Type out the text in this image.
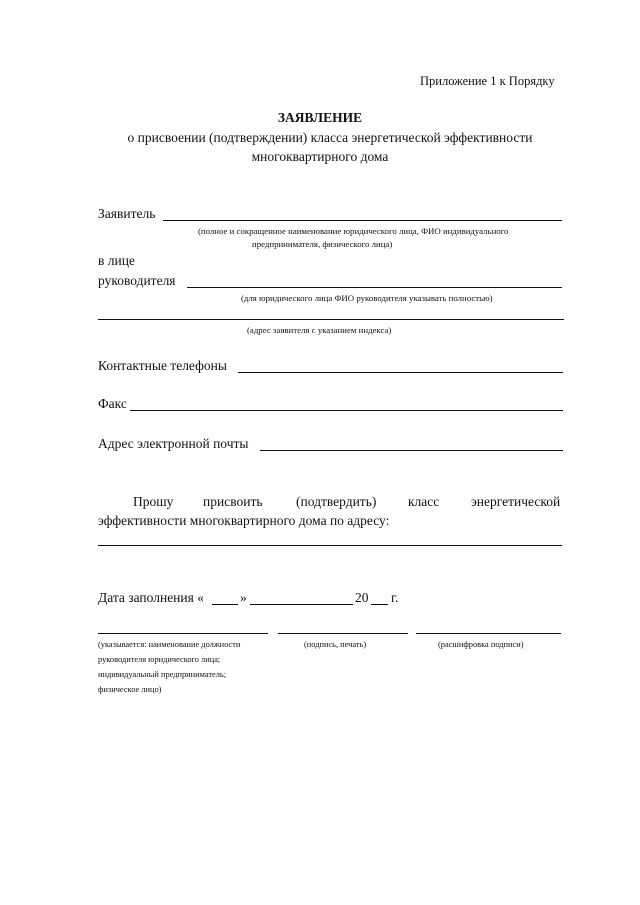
Приложение 1 к Порядку
ЗАЯВЛЕНИЕ
о присвоении (подтверждении) класса энергетической эффективности
многоквартирного дома
Заявитель
(полное и сокращенное наименование юридического лица, ФИО индивидуального
предпринимателя, физического лица)
в лице
руководителя
(для юридического лица ФИО руководителя указывать полностью)
(адрес заявителя с указанием индекса)
Контактные телефоны
Факс
Адрес электронной почты
Прошу присвоить (подтвердить) класс энергетической
эффективности многоквартирного дома по адресу:
Дата заполнения «	»	20 г.
(указывается: наименование должности
руководителя юридического лица;
индивидуальный предприниматель;
физическое лицо)
(подпись, печать)	(расшифровка подписи)
